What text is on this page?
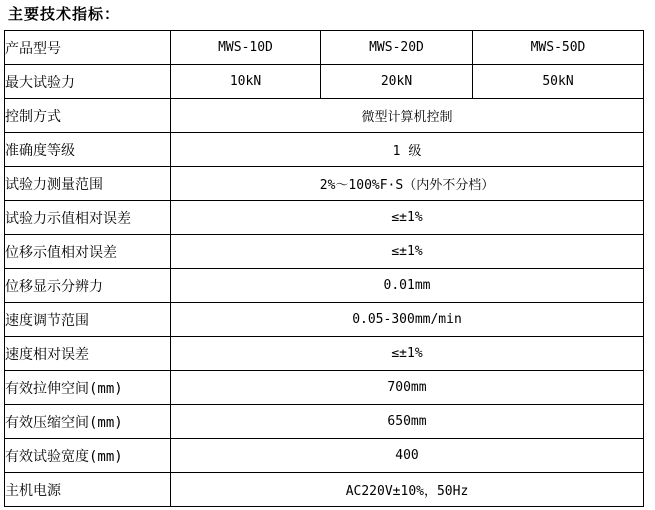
主要技术指标：
产品型号	MWS-10D	MWS-20D	MWS-50D
最大试验力	10kN	20kN	50kN
控制方式	微型计算机控制		
准确度等级	1 级		
试验力测量范围	2%～100%F·S（内外不分档）		
试验力示值相对误差	≤±1%		
位移示值相对误差	≤±1%		
位移显示分辨力	0.01mm		
速度调节范围	0.05-300mm/min		
速度相对误差	≤±1%		
有效拉伸空间(mm)	700mm		
有效压缩空间(mm)	650mm		
有效试验宽度(mm)	400		
主机电源	AC220V±10%，50Hz		
